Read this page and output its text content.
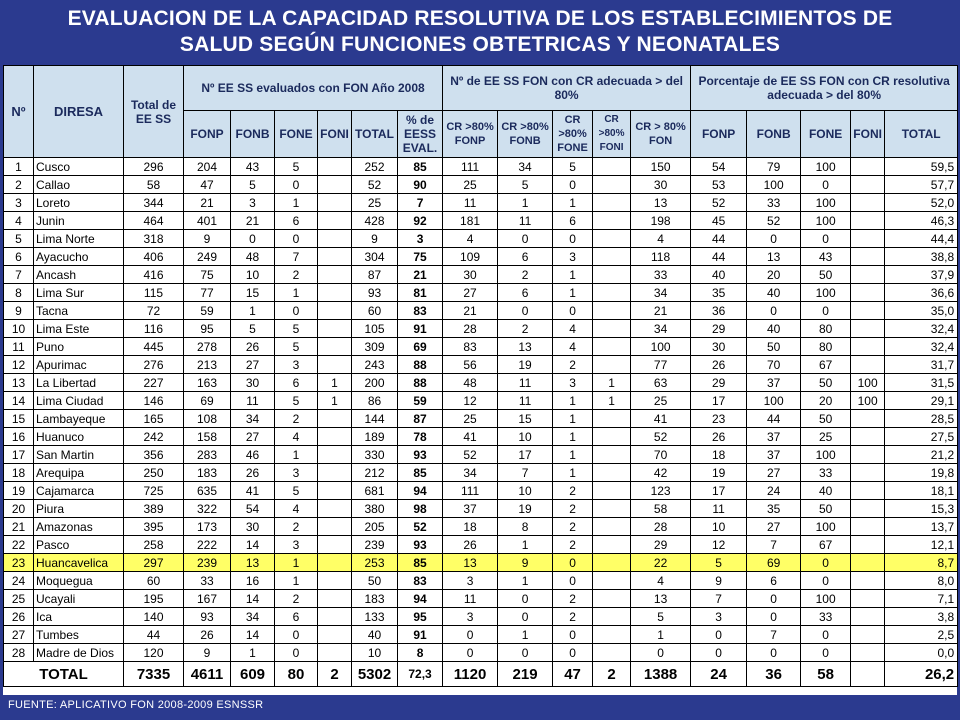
EVALUACION DE LA CAPACIDAD RESOLUTIVA DE LOS ESTABLECIMIENTOS DE
SALUD SEGÚN FUNCIONES OBTETRICAS Y NEONATALES
Nº	DIRESA	Total de EE SS	Nº EE SS evaluados con FON Año 2008						Nº de EE SS FON con CR adecuada > del 80%					Porcentaje de EE SS FON con CR resolutiva adecuada > del 80%				
			FONP	FONB	FONE	FONI	TOTAL	% de EESS EVAL.	CR >80% FONP	CR >80% FONB	CR >80% FONE	CR >80% FONI	CR > 80% FON	FONP	FONB	FONE	FONI	TOTAL
1	Cusco	296	204	43	5		252	85	111	34	5		150	54	79	100		59,5
2	Callao	58	47	5	0		52	90	25	5	0		30	53	100	0		57,7
3	Loreto	344	21	3	1		25	7	11	1	1		13	52	33	100		52,0
4	Junin	464	401	21	6		428	92	181	11	6		198	45	52	100		46,3
5	Lima Norte	318	9	0	0		9	3	4	0	0		4	44	0	0		44,4
6	Ayacucho	406	249	48	7		304	75	109	6	3		118	44	13	43		38,8
7	Ancash	416	75	10	2		87	21	30	2	1		33	40	20	50		37,9
8	Lima Sur	115	77	15	1		93	81	27	6	1		34	35	40	100		36,6
9	Tacna	72	59	1	0		60	83	21	0	0		21	36	0	0		35,0
10	Lima Este	116	95	5	5		105	91	28	2	4		34	29	40	80		32,4
11	Puno	445	278	26	5		309	69	83	13	4		100	30	50	80		32,4
12	Apurimac	276	213	27	3		243	88	56	19	2		77	26	70	67		31,7
13	La Libertad	227	163	30	6	1	200	88	48	11	3	1	63	29	37	50	100	31,5
14	Lima Ciudad	146	69	11	5	1	86	59	12	11	1	1	25	17	100	20	100	29,1
15	Lambayeque	165	108	34	2		144	87	25	15	1		41	23	44	50		28,5
16	Huanuco	242	158	27	4		189	78	41	10	1		52	26	37	25		27,5
17	San Martin	356	283	46	1		330	93	52	17	1		70	18	37	100		21,2
18	Arequipa	250	183	26	3		212	85	34	7	1		42	19	27	33		19,8
19	Cajamarca	725	635	41	5		681	94	111	10	2		123	17	24	40		18,1
20	Piura	389	322	54	4		380	98	37	19	2		58	11	35	50		15,3
21	Amazonas	395	173	30	2		205	52	18	8	2		28	10	27	100		13,7
22	Pasco	258	222	14	3		239	93	26	1	2		29	12	7	67		12,1
23	Huancavelica	297	239	13	1		253	85	13	9	0		22	5	69	0		8,7
24	Moquegua	60	33	16	1		50	83	3	1	0		4	9	6	0		8,0
25	Ucayali	195	167	14	2		183	94	11	0	2		13	7	0	100		7,1
26	Ica	140	93	34	6		133	95	3	0	2		5	3	0	33		3,8
27	Tumbes	44	26	14	0		40	91	0	1	0		1	0	7	0		2,5
28	Madre de Dios	120	9	1	0		10	8	0	0	0		0	0	0	0		0,0
TOTAL		7335	4611	609	80	2	5302	72,3	1120	219	47	2	1388	24	36	58		26,2
FUENTE: APLICATIVO FON 2008-2009 ESNSSR
